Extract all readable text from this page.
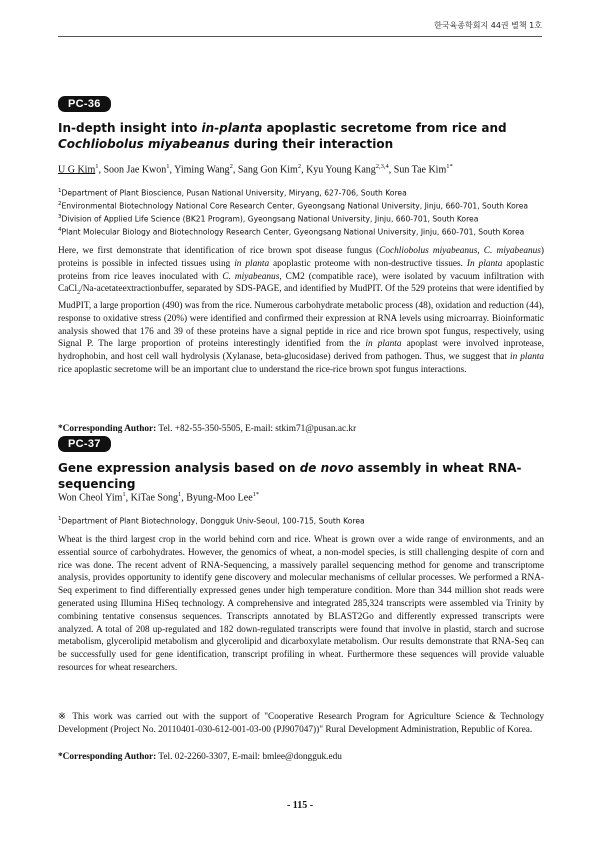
한국육종학회지 44권 별책 1호
PC-36

In-depth insight into in-planta apoplastic secretome from rice and Cochliobolus miyabeanus during their interaction

U G Kim$^1$, Soon Jae Kwon$^1$, Yiming Wang$^2$, Sang Gon Kim$^2$, Kyu Young Kang$^{2,3,4}$, Sun Tae Kim$^{1*}$

$^1$Department of Plant Bioscience, Pusan National University, Miryang, 627-706, South Korea
$^2$Environmental Biotechnology National Core Research Center, Gyeongsang National University, Jinju, 660-701, South Korea
$^3$Division of Applied Life Science (BK21 Program), Gyeongsang National University, Jinju, 660-701, South Korea
$^4$Plant Molecular Biology and Biotechnology Research Center, Gyeongsang National University, Jinju, 660-701, South Korea

Here, we first demonstrate that identification of rice brown spot disease fungus (Cochliobolus miyabeanus, C. miyabeanus) proteins is possible in infected tissues using in planta apoplastic proteome with non-destructive tissues. In planta apoplastic proteins from rice leaves inoculated with C. miyabeanus, CM2 (compatible race), were isolated by vacuum infiltration with CaCl$_2$/Na-acetateextractionbuffer, separated by SDS-PAGE, and identified by MudPIT. Of the 529 proteins that were identified by MudPIT, a large proportion (490) was from the rice. Numerous carbohydrate metabolic process (48), oxidation and reduction (44), response to oxidative stress (20%) were identified and confirmed their expression at RNA levels using microarray. Bioinformatic analysis showed that 176 and 39 of these proteins have a signal peptide in rice and rice brown spot fungus, respectively, using Signal P. The large proportion of proteins interestingly identified from the in planta apoplast were involved inprotease, hydrophobin, and host cell wall hydrolysis (Xylanase, beta-glucosidase) derived from pathogen. Thus, we suggest that in planta rice apoplastic secretome will be an important clue to understand the rice-rice brown spot fungus interactions.

*Corresponding Author: Tel. +82-55-350-5505, E-mail: stkim71@pusan.ac.kr

PC-37

Gene expression analysis based on de novo assembly in wheat RNA-sequencing

Won Cheol Yim$^1$, KiTae Song$^1$, Byung-Moo Lee$^{1*}$

$^1$Department of Plant Biotechnology, Dongguk Univ-Seoul, 100-715, South Korea

Wheat is the third largest crop in the world behind corn and rice. Wheat is grown over a wide range of environments, and an essential source of carbohydrates. However, the genomics of wheat, a non-model species, is still challenging despite of corn and rice was done. The recent advent of RNA-Sequencing, a massively parallel sequencing method for genome and transcriptome analysis, provides opportunity to identify gene discovery and molecular mechanisms of cellular processes. We performed a RNA-Seq experiment to find differentially expressed genes under high temperature condition. More than 344 million shot reads were generated using Illumina HiSeq technology. A comprehensive and integrated 285,324 transcripts were assembled via Trinity by combining tentative consensus sequences. Transcripts annotated by BLAST2Go and differently expressed transcripts were analyzed. A total of 208 up-regulated and 182 down-regulated transcripts were found that involve in plastid, starch and sucrose metabolism, glycerolipid metabolism and glycerolipid and dicarboxylate metabolism. Our results demonstrate that RNA-Seq can be successfully used for gene identification, transcript profiling in wheat. Furthermore these sequences will provide valuable resources for wheat researchers.

※ This work was carried out with the support of "Cooperative Research Program for Agriculture Science & Technology Development (Project No. 20110401-030-612-001-03-00 (PJ907047))" Rural Development Administration, Republic of Korea.

*Corresponding Author: Tel. 02-2260-3307, E-mail: bmlee@dongguk.edu

- 115 -
